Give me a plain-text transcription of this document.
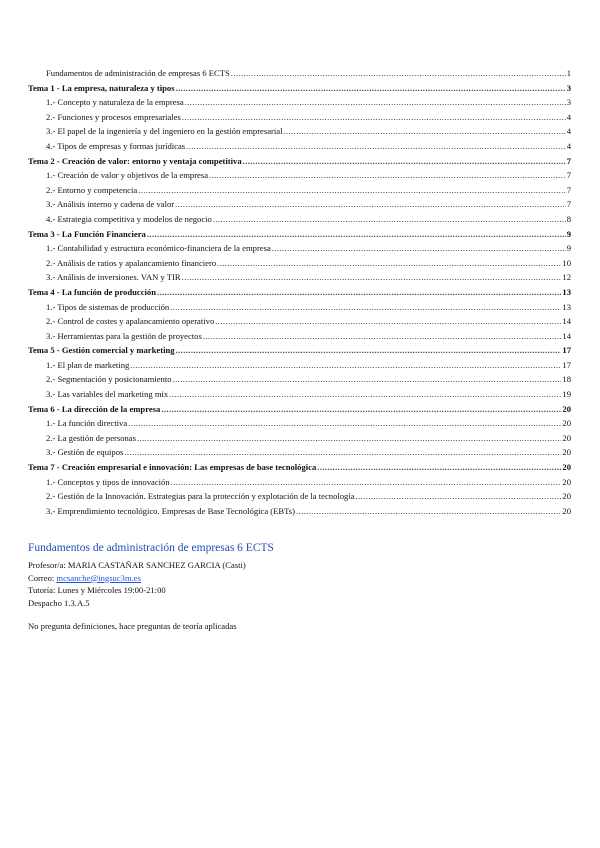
Fundamentos de administración de empresas 6 ECTS .....	1
Tema 1 - La empresa, naturaleza y tipos .....	3
1.- Concepto y naturaleza de la empresa .....	3
2.- Funciones y procesos empresariales .....	4
3.- El papel de la ingeniería y del ingeniero en la gestión empresarial .....	4
4.- Tipos de empresas y formas jurídicas .....	4
Tema 2 - Creación de valor: entorno y ventaja competitiva .....	7
1.- Creación de valor y objetivos de la empresa .....	7
2.- Entorno y competencia .....	7
3.- Análisis interno y cadena de valor .....	7
4.- Estrategia competitiva y modelos de negocio .....	8
Tema 3 - La Función Financiera .....	9
1.- Contabilidad y estructura económico-financiera de la empresa .....	9
2.- Análisis de ratios y apalancamiento financiero .....	10
3.- Análisis de inversiones. VAN y TIR .....	12
Tema 4 - La función de producción .....	13
1.- Tipos de sistemas de producción .....	13
2.- Control de costes y apalancamiento operativo .....	14
3.- Herramientas para la gestión de proyectos .....	14
Tema 5 - Gestión comercial y marketing .....	17
1.- El plan de marketing .....	17
2.- Segmentación y posicionamiento .....	18
3.- Las variables del marketing mix .....	19
Tema 6 - La dirección de la empresa .....	20
1.- La función directiva .....	20
2.- La gestión de personas .....	20
3.- Gestión de equipos .....	20
Tema 7 - Creación empresarial e innovación: Las empresas de base tecnológica .....	20
1.- Conceptos y tipos de innovación .....	20
2.- Gestión de la Innovación. Estrategias para la protección y explotación de la tecnología .....	20
3.- Emprendimiento tecnológico. Empresas de Base Tecnológica (EBTs) .....	20
Fundamentos de administración de empresas 6 ECTS
Profesor/a: MARIA CASTAÑAR SANCHEZ GARCIA (Casti)
Correo: mcsanche@ingsuc3m.es
Tutoría: Lunes y Miércoles 19:00-21:00
Despacho 1.3.A.5
No pregunta definiciones, hace preguntas de teoría aplicadas
